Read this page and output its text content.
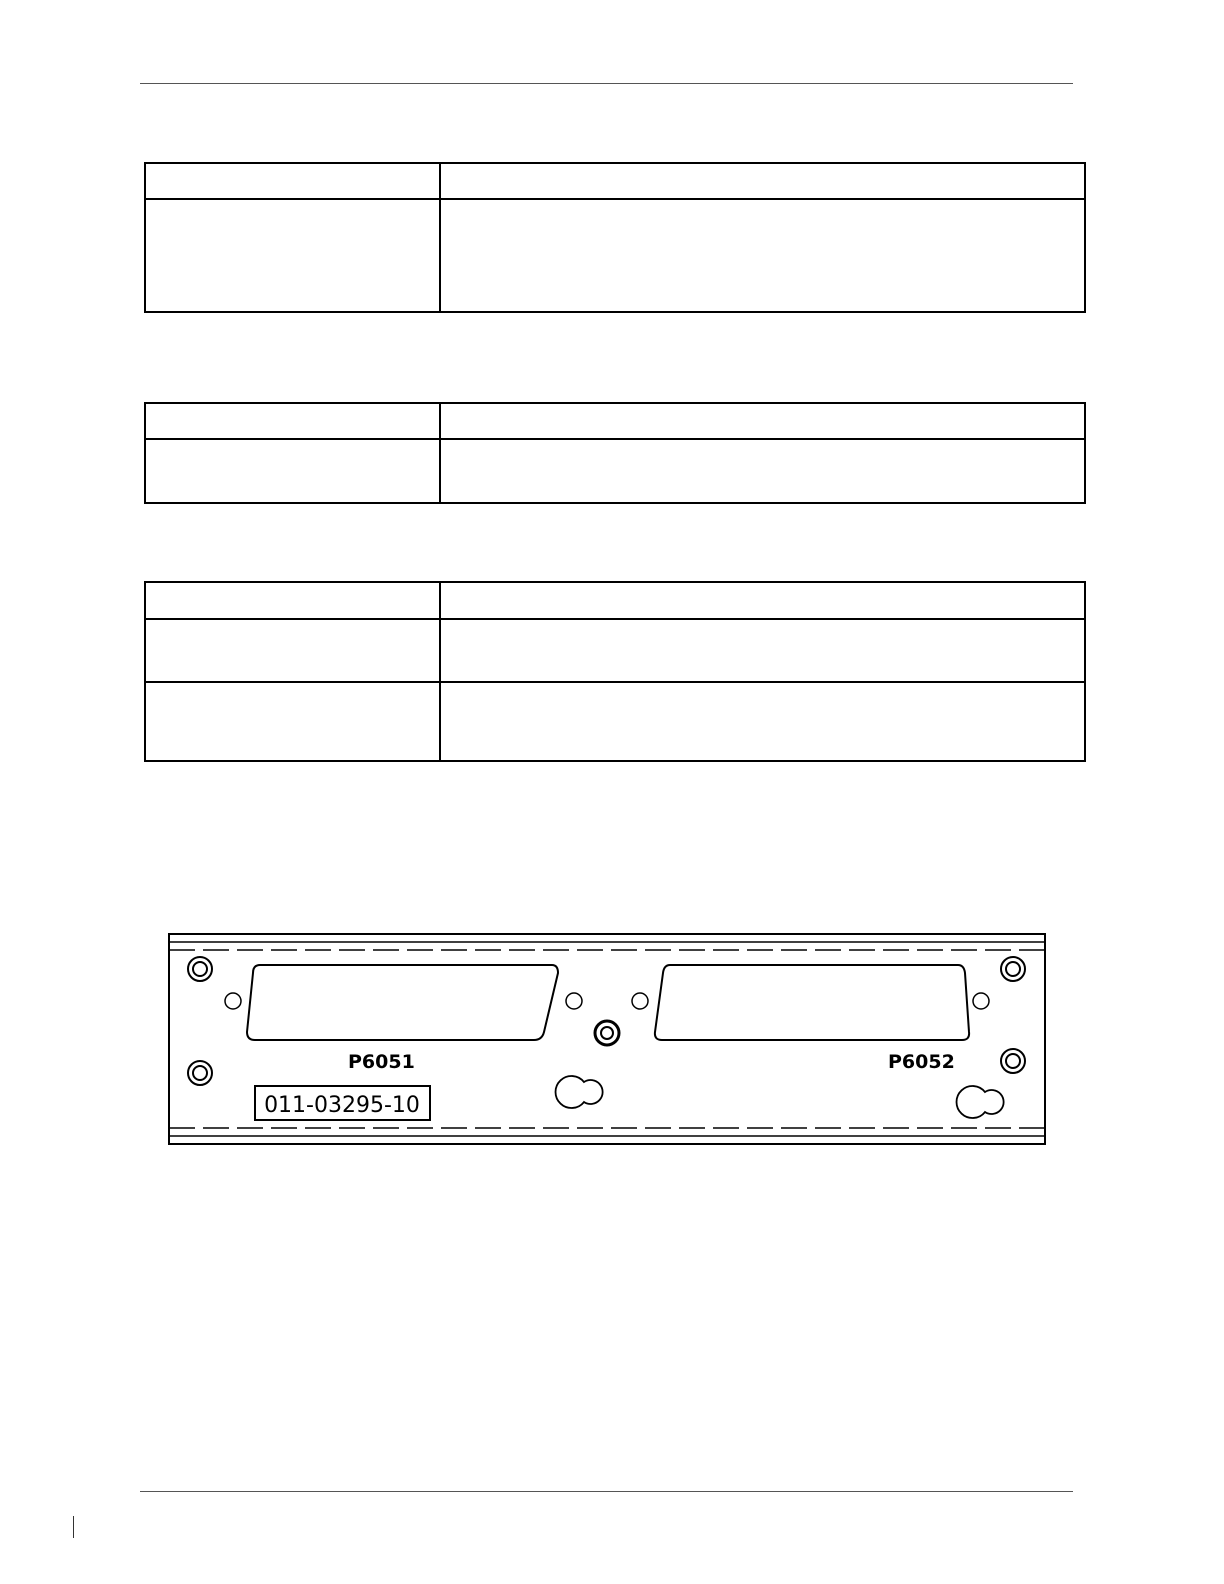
P6051	P6052
011-03295-10
